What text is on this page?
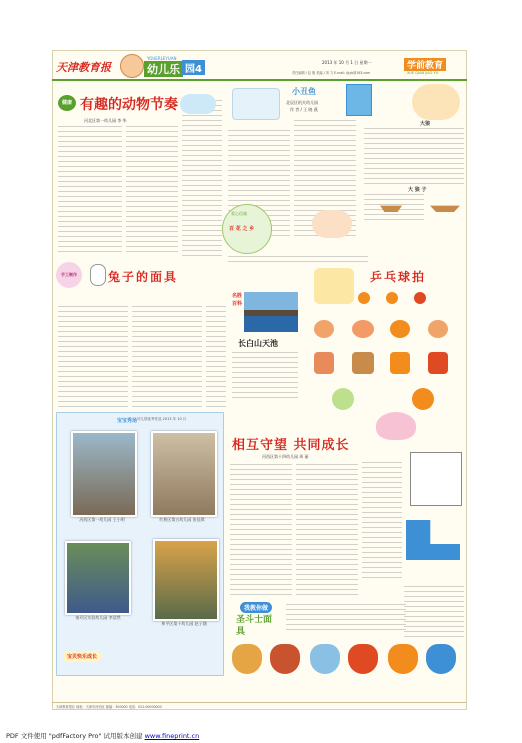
天津教育报
YOUERLEYUAN
幼儿乐 园4
2013 年 10 月 1 日 星期一	学前教育
XUE QIAN JIAO YU
责任编辑 / 赵 刚 美编 / 刘 力 E-mail: tjjyb@163.com
健康 有趣的动物节奏
河北区第一幼儿园 李 华
小丑鱼
北辰区机关幼儿园
作 者 / 王 晓 燕
大狼
大 狼 子
爱心信箱
百 花 之 乡
手工制作	兔子的面具
名胜
百科
长白山天池
乒乓球拍
宝宝秀场 幼儿园优秀作品 2013 年 10 月
河西区第一幼儿园 王小明	红桥区第五幼儿园 张佳琪
南开区实验幼儿园 李浩然
和平区第十幼儿园 赵子涵
宝贝快乐成长
相互守望 共同成长
河西区第十四幼儿园 周 丽
我教你做
圣斗士面具
天津教育报社 地址：天津市河西区 邮编：300000 电话：022-00000000
PDF 文件使用 "pdfFactory Pro" 试用版本创建 www.fineprint.cn
